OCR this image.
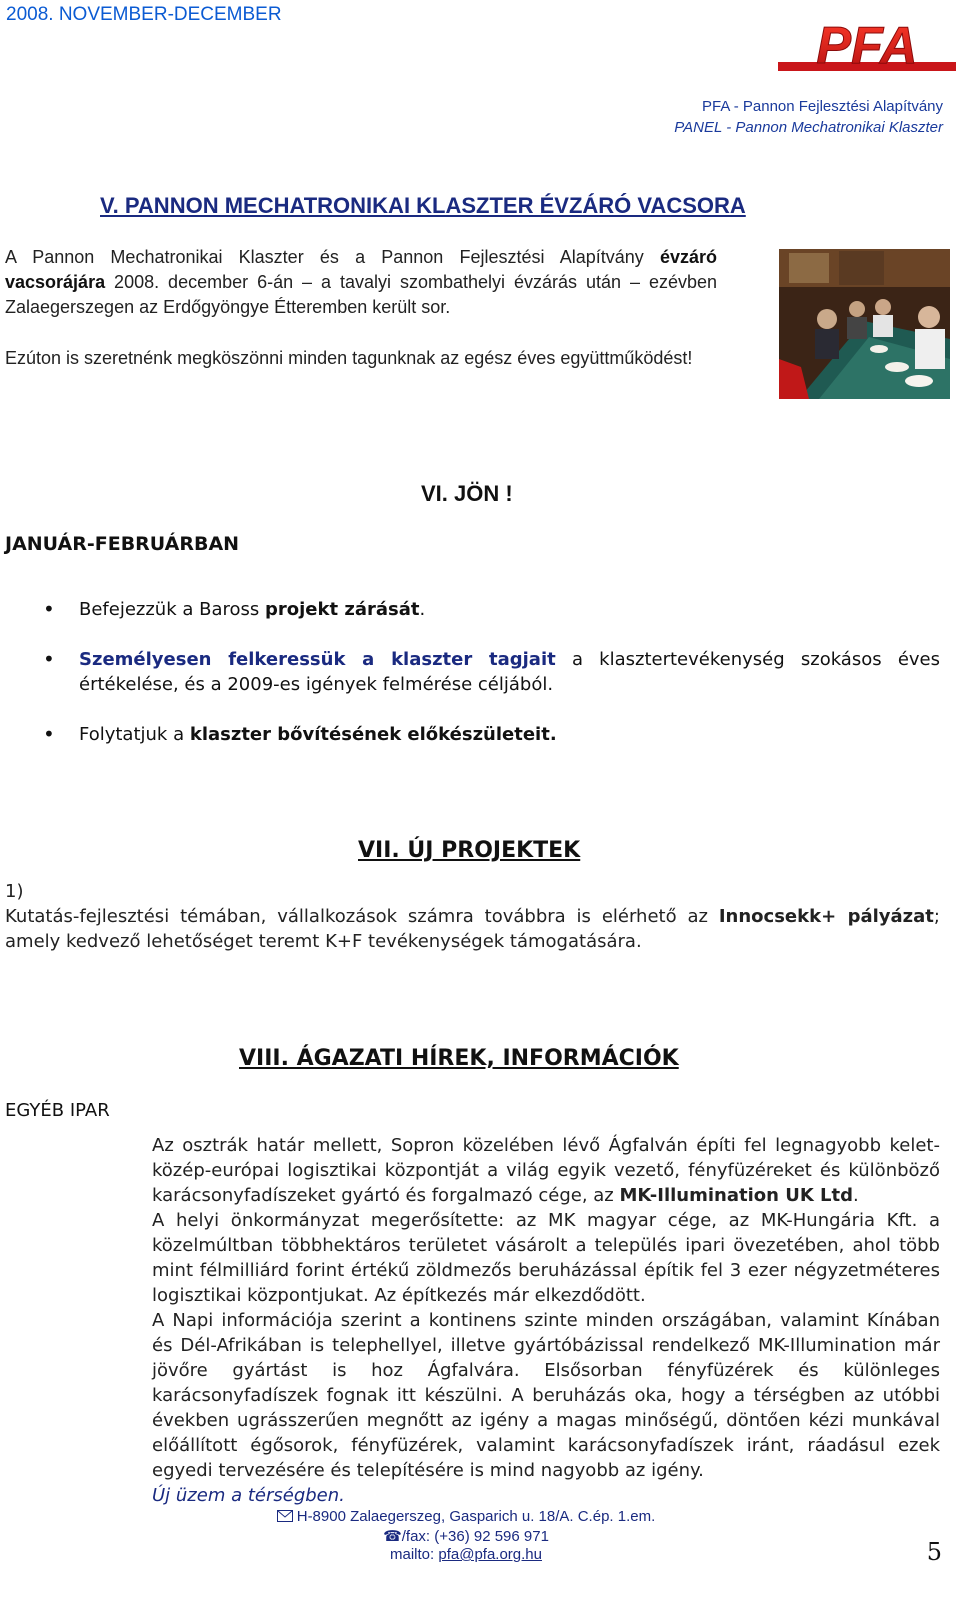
2008. NOVEMBER-DECEMBER
PFA
PFA - Pannon Fejlesztési Alapítvány
PANEL - Pannon Mechatronikai Klaszter
V. PANNON MECHATRONIKAI KLASZTER ÉVZÁRÓ VACSORA
A Pannon Mechatronikai Klaszter és a Pannon Fejlesztési Alapítvány évzáró vacsorájára 2008. december 6-án – a tavalyi szombathelyi évzárás után – ezévben Zalaegerszegen az Erdőgyöngye Étteremben került sor.
Ezúton is szeretnénk megköszönni minden tagunknak az egész éves együttműködést!
VI. JÖN !
JANUÁR-FEBRUÁRBAN
• Befejezzük a Baross projekt zárását.
• Személyesen felkeressük a klaszter tagjait a klasztertevékenység szokásos éves értékelése, és a 2009-es igények felmérése céljából.
• Folytatjuk a klaszter bővítésének előkészületeit.
VII. ÚJ PROJEKTEK
1)
Kutatás-fejlesztési témában, vállalkozások számra továbbra is elérhető az Innocsekk+ pályázat; amely kedvező lehetőséget teremt K+F tevékenységek támogatására.
VIII. ÁGAZATI HÍREK, INFORMÁCIÓK
EGYÉB IPAR
Az osztrák határ mellett, Sopron közelében lévő Ágfalván építi fel legnagyobb kelet-közép-európai logisztikai központját a világ egyik vezető, fényfüzéreket és különböző karácsonyfadíszeket gyártó és forgalmazó cége, az MK-Illumination UK Ltd.
A helyi önkormányzat megerősítette: az MK magyar cége, az MK-Hungária Kft. a közelmúltban többhektáros területet vásárolt a település ipari övezetében, ahol több mint félmilliárd forint értékű zöldmezős beruházással építik fel 3 ezer négyzetméteres logisztikai központjukat. Az építkezés már elkezdődött.
A Napi információja szerint a kontinens szinte minden országában, valamint Kínában és Dél-Afrikában is telephellyel, illetve gyártóbázissal rendelkező MK-Illumination már jövőre gyártást is hoz Ágfalvára. Elsősorban fényfüzérek és különleges karácsonyfadíszek fognak itt készülni. A beruházás oka, hogy a térségben az utóbbi években ugrásszerűen megnőtt az igény a magas minőségű, döntően kézi munkával előállított égősorok, fényfüzérek, valamint karácsonyfadíszek iránt, ráadásul ezek egyedi tervezésére és telepítésére is mind nagyobb az igény.
Új üzem a térségben.
H-8900 Zalaegerszeg, Gasparich u. 18/A. C.ép. 1.em.
☎/fax: (+36) 92 596 971
mailto: pfa@pfa.org.hu	5
